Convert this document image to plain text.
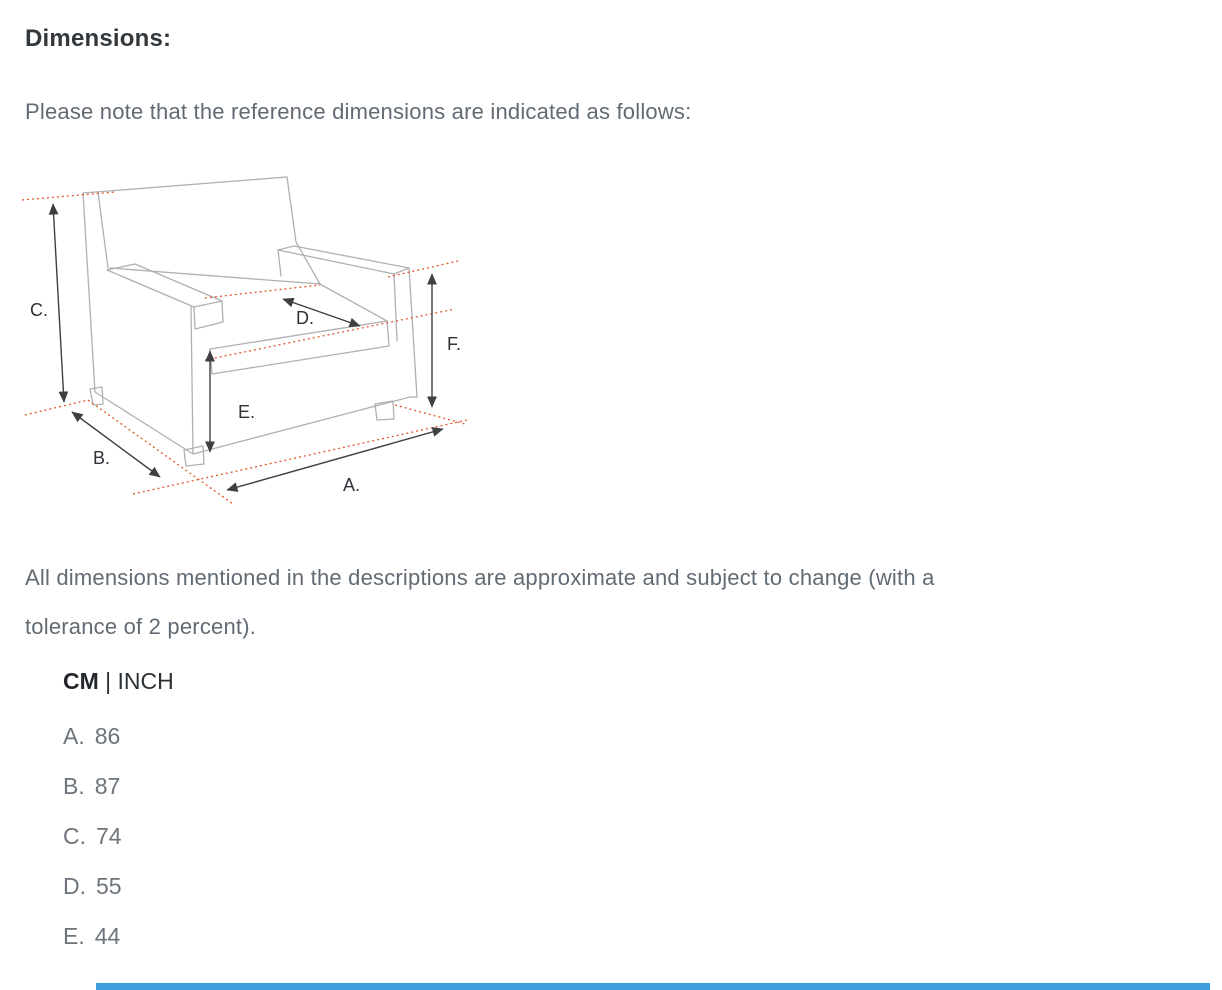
Dimensions:

Please note that the reference dimensions are indicated as follows:

C.	D.
F.
E.
B.
A.
All dimensions mentioned in the descriptions are approximate and subject to change (with a
tolerance of 2 percent).
CM | INCH
A. 86
B. 87
C. 74
D. 55
E. 44
